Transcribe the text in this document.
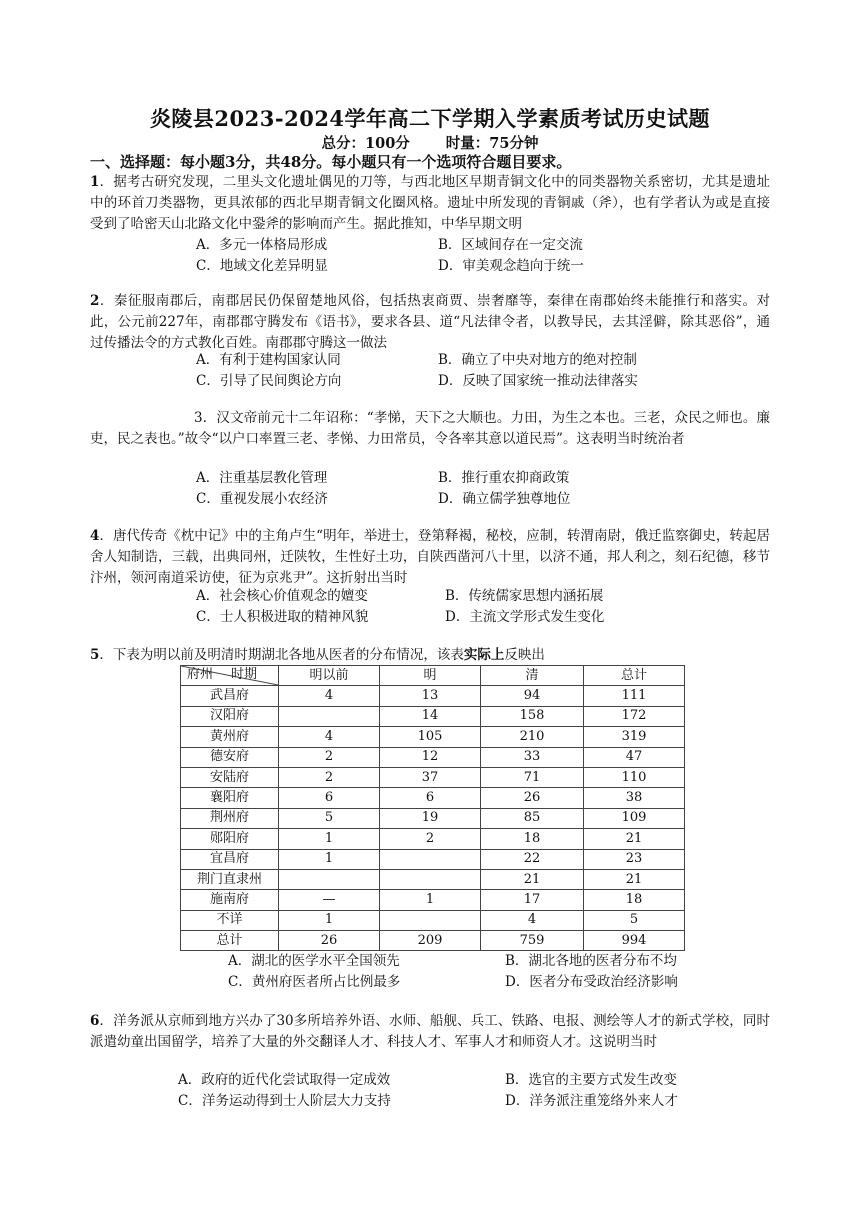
炎陵县2023-2024学年高二下学期入学素质考试历史试题
总分：100分 时量：75分钟
一、选择题：每小题3分，共48分。每小题只有一个选项符合题目要求。
1．据考古研究发现，二里头文化遗址偶见的刀等，与西北地区早期青铜文化中的同类器物关系密切，尤其是遗址中的环首刀类器物，更具浓郁的西北早期青铜文化圈风格。遗址中所发现的青铜戚（斧），也有学者认为或是直接受到了哈密天山北路文化中銎斧的影响而产生。据此推知，中华早期文明
A．多元一体格局形成	B．区域间存在一定交流
C．地域文化差异明显	D．审美观念趋向于统一
2．秦征服南郡后，南郡居民仍保留楚地风俗，包括热衷商贾、崇奢靡等，秦律在南郡始终未能推行和落实。对此，公元前227年，南郡郡守腾发布《语书》，要求各县、道“凡法律令者，以教导民，去其淫僻，除其恶俗”，通过传播法令的方式教化百姓。南郡郡守腾这一做法
A．有利于建构国家认同	B．确立了中央对地方的绝对控制
C．引导了民间舆论方向	D．反映了国家统一推动法律落实
3．汉文帝前元十二年诏称：“孝悌，天下之大顺也。力田，为生之本也。三老，众民之师也。廉吏，民之表也。”故令“以户口率置三老、孝悌、力田常员，令各率其意以道民焉”。这表明当时统治者
A．注重基层教化管理	B．推行重农抑商政策
C．重视发展小农经济	D．确立儒学独尊地位
4．唐代传奇《枕中记》中的主角卢生“明年，举进士，登第释褐，秘校，应制，转渭南尉，俄迁监察御史，转起居舍人知制诰，三载，出典同州，迁陕牧，生性好土功，自陕西凿河八十里，以济不通，邦人利之，刻石纪德，移节汴州，领河南道采访使，征为京兆尹”。这折射出当时
A．社会核心价值观念的嬗变	B．传统儒家思想内涵拓展
C．士人积极进取的精神风貌	D．主流文学形式发生变化
5．下表为明以前及明清时期湖北各地从医者的分布情况，该表实际上反映出
府州 时期	明以前	明	清	总计
武昌府	4	13	94	111
汉阳府		14	158	172
黄州府	4	105	210	319
德安府	2	12	33	47
安陆府	2	37	71	110
襄阳府	6	6	26	38
荆州府	5	19	85	109
郧阳府	1	2	18	21
宜昌府	1		22	23
荆门直隶州			21	21
施南府	—	1	17	18
不详	1		4	5
总计	26	209	759	994
A．湖北的医学水平全国领先	B．湖北各地的医者分布不均
C．黄州府医者所占比例最多	D．医者分布受政治经济影响
6．洋务派从京师到地方兴办了30多所培养外语、水师、船舰、兵工、铁路、电报、测绘等人才的新式学校，同时派遣幼童出国留学，培养了大量的外交翻译人才、科技人才、军事人才和师资人才。这说明当时
A．政府的近代化尝试取得一定成效	B．选官的主要方式发生改变
C．洋务运动得到士人阶层大力支持	D．洋务派注重笼络外来人才
